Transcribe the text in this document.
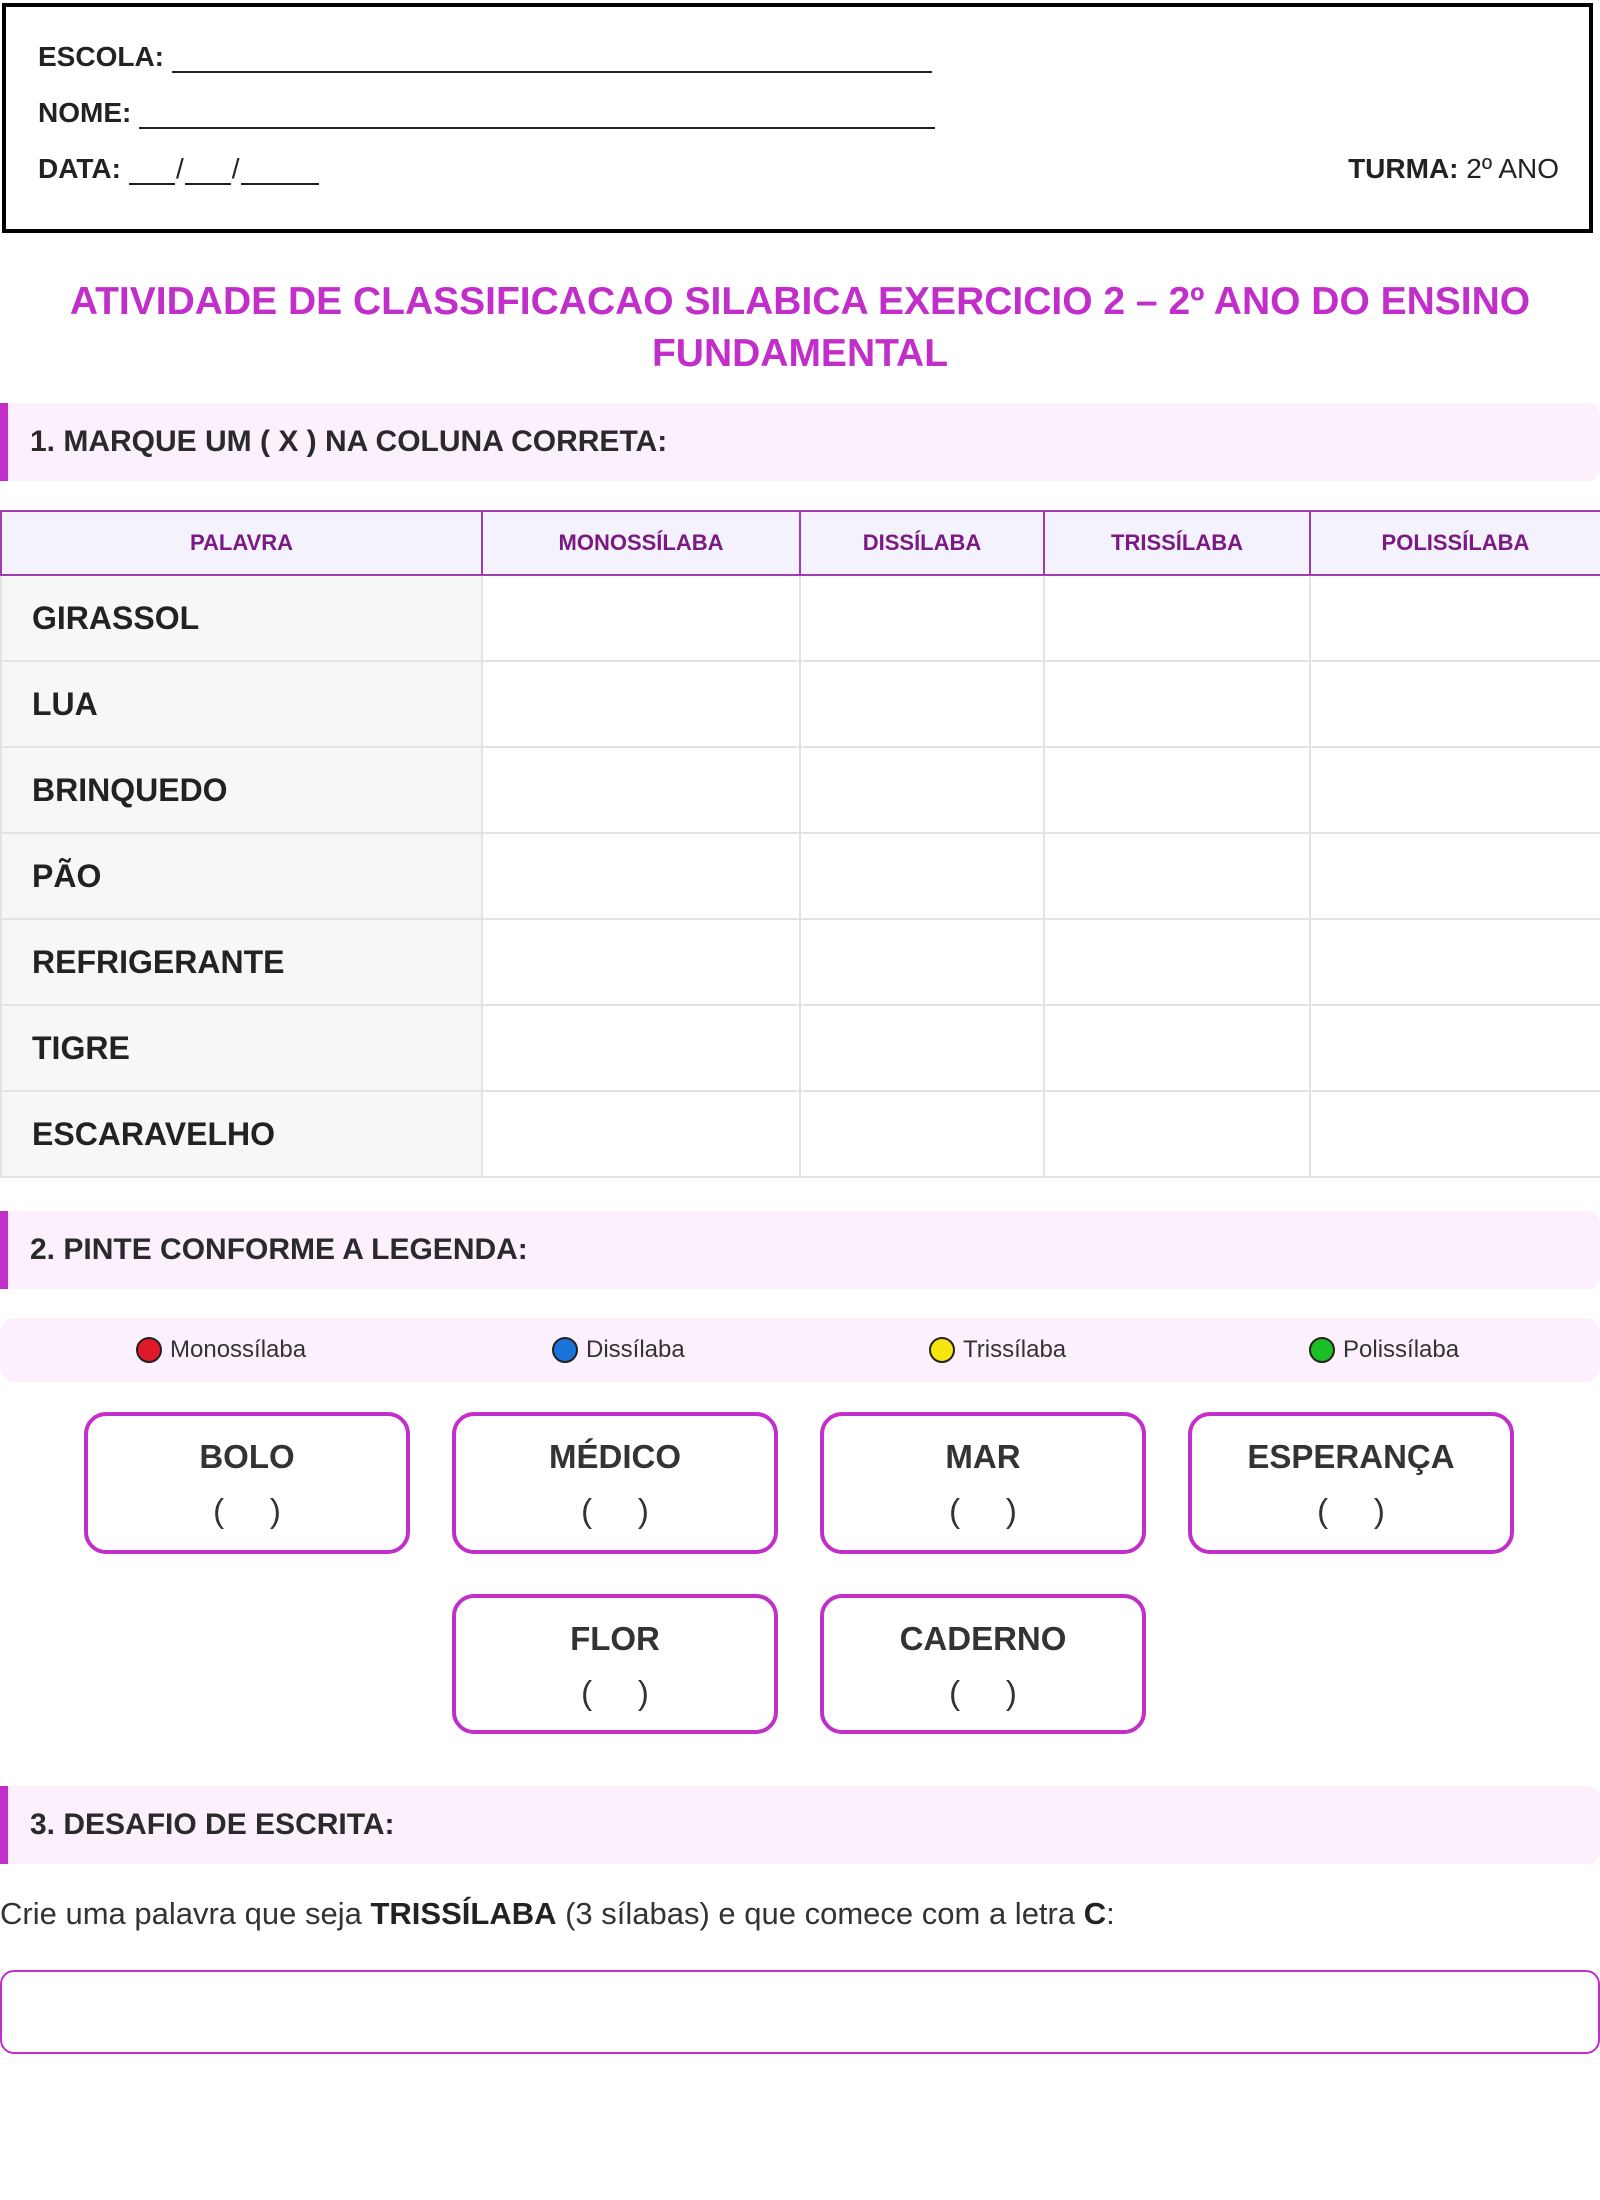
ESCOLA:
NOME:
DATA: / /	TURMA: 2º ANO
ATIVIDADE DE CLASSIFICACAO SILABICA EXERCICIO 2 – 2º ANO DO ENSINO FUNDAMENTAL
1. MARQUE UM ( X ) NA COLUNA CORRETA:
PALAVRA	MONOSSÍLABA	DISSÍLABA	TRISSÍLABA	POLISSÍLABA
GIRASSOL				
LUA				
BRINQUEDO				
PÃO				
REFRIGERANTE				
TIGRE				
ESCARAVELHO				
2. PINTE CONFORME A LEGENDA:
Monossílaba	Dissílaba	Trissílaba	Polissílaba
BOLO
(     )
MÉDICO
(     )
MAR
(     )
ESPERANÇA
(     )
FLOR
(     )
CADERNO
(     )
3. DESAFIO DE ESCRITA:
Crie uma palavra que seja TRISSÍLABA (3 sílabas) e que comece com a letra C:
